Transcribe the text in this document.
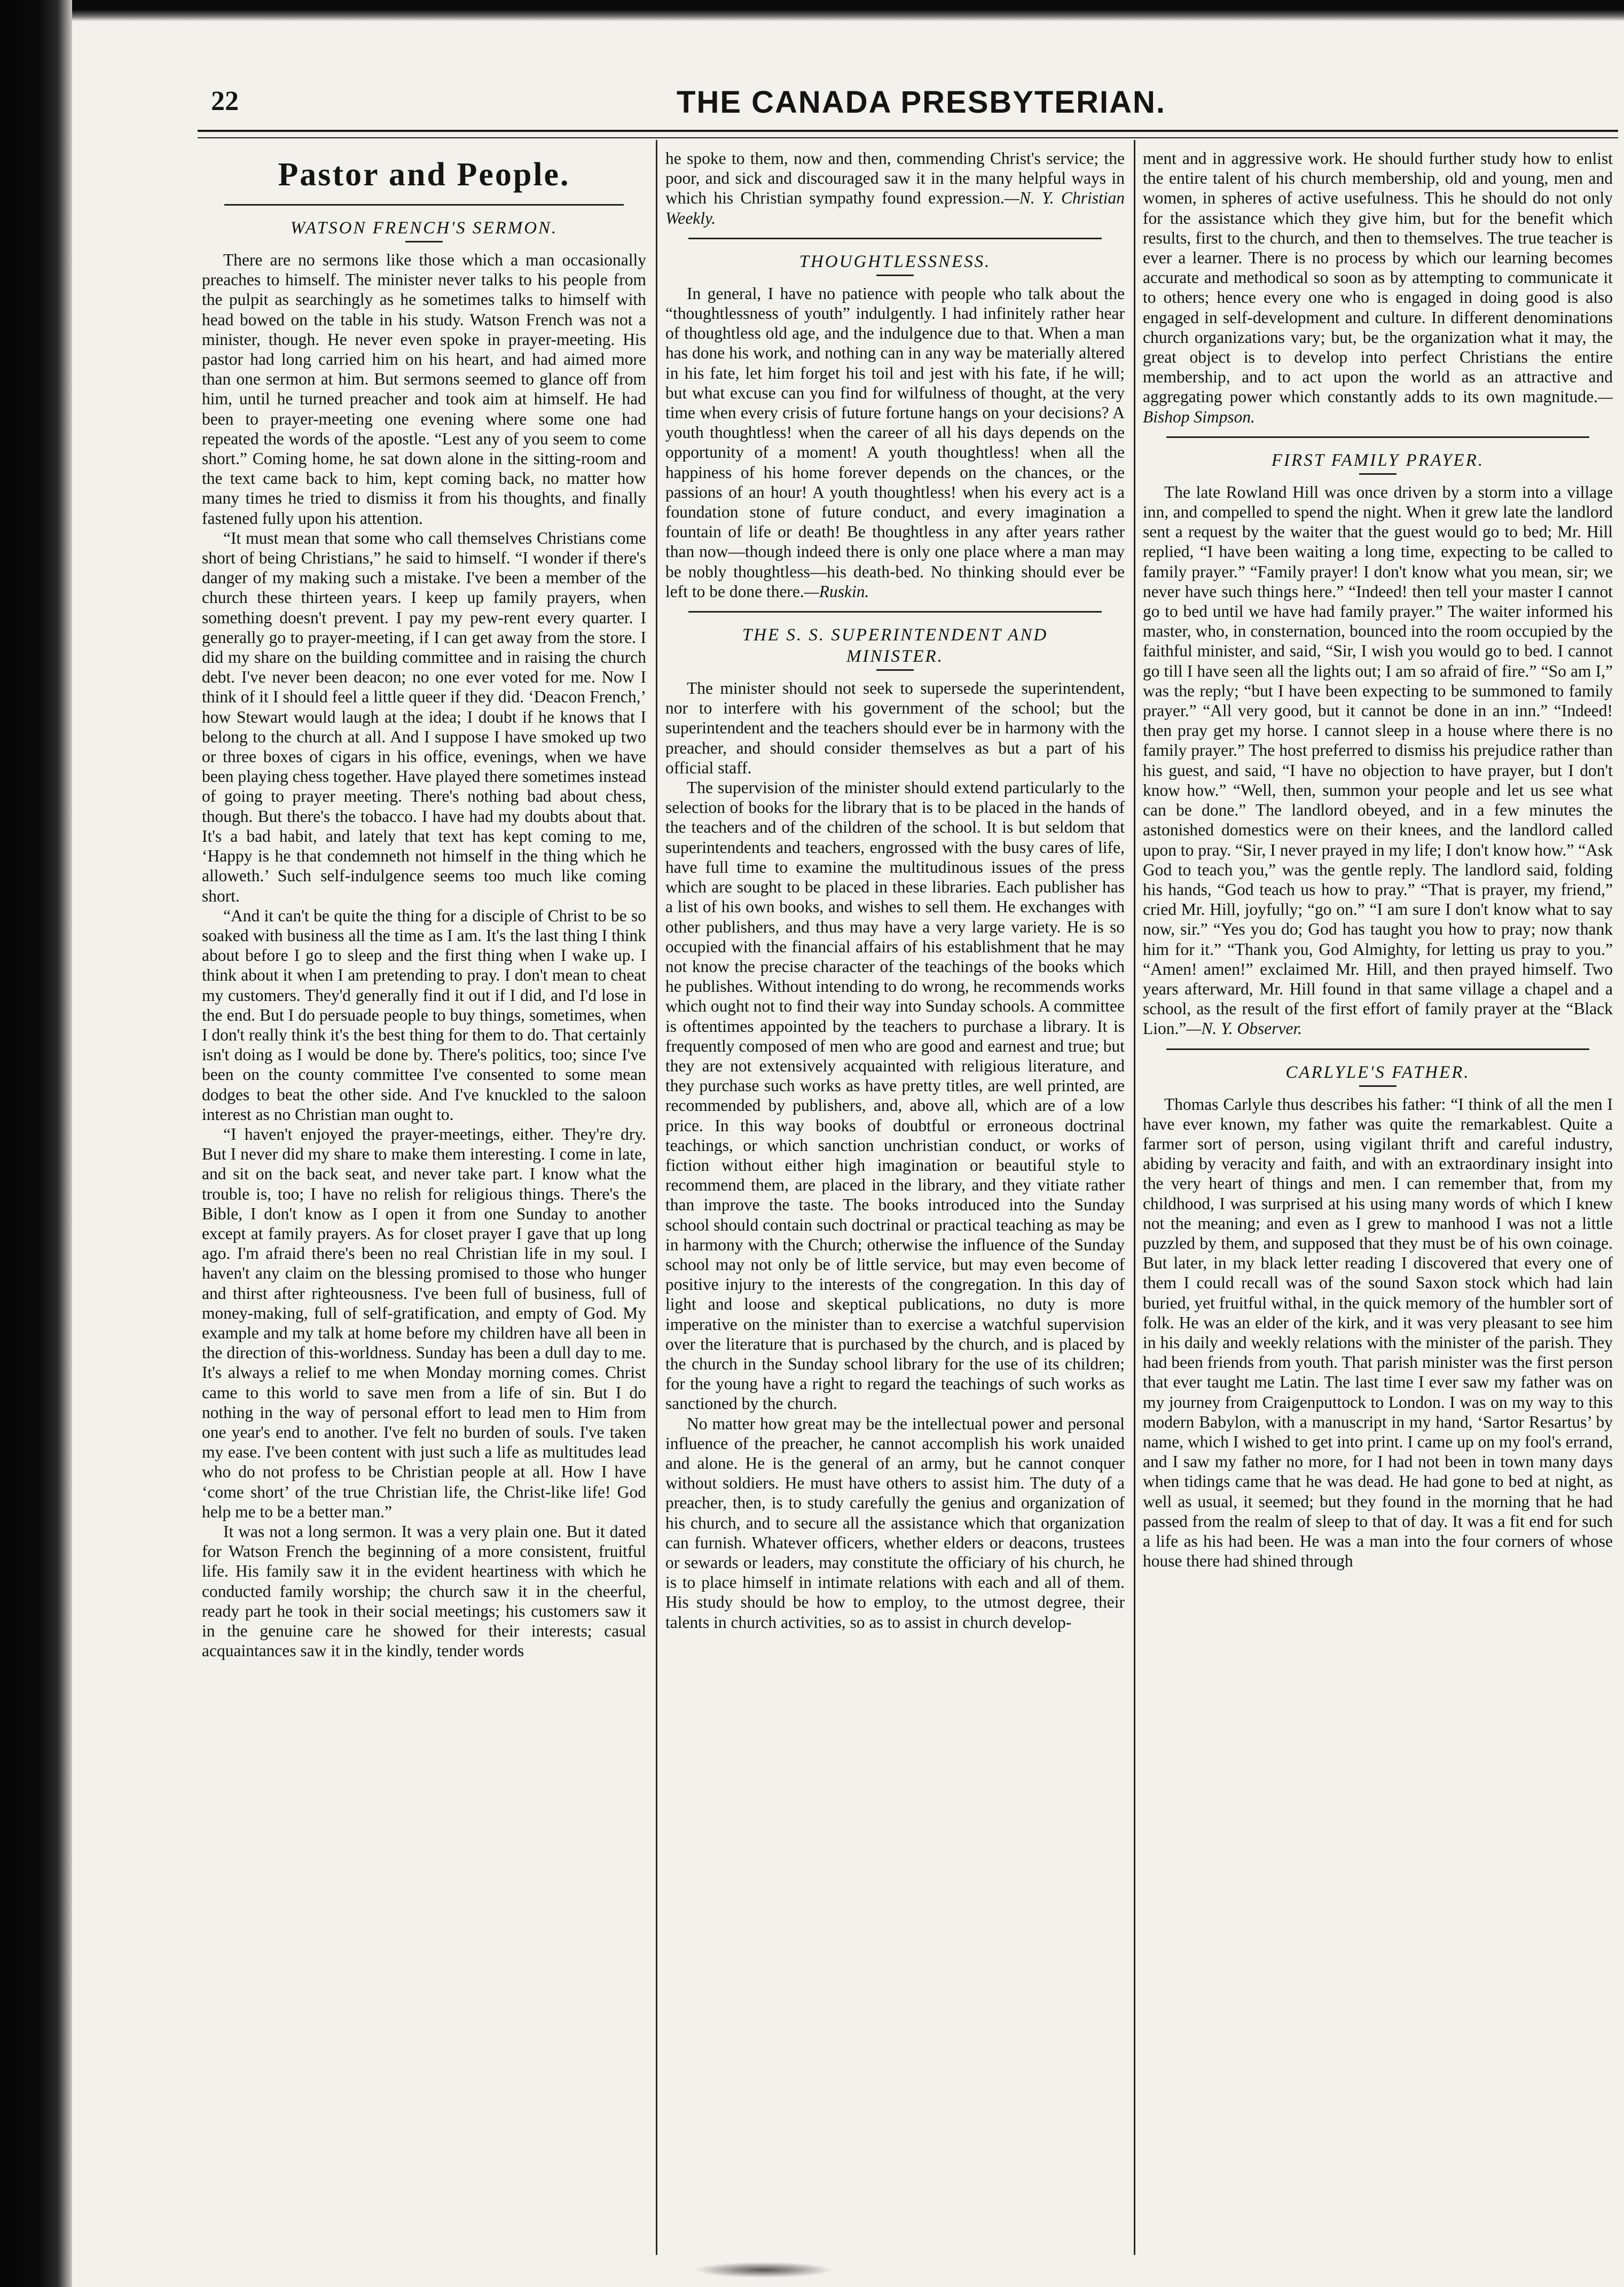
22	THE CANADA PRESBYTERIAN.
Pastor and People.
WATSON FRENCH'S SERMON.

There are no sermons like those which a man occasionally preaches to himself. The minister never talks to his people from the pulpit as searchingly as he sometimes talks to himself with head bowed on the table in his study. Watson French was not a minister, though. He never even spoke in prayer-meeting. His pastor had long carried him on his heart, and had aimed more than one sermon at him. But sermons seemed to glance off from him, until he turned preacher and took aim at himself. He had been to prayer-meeting one evening where some one had repeated the words of the apostle. “Lest any of you seem to come short.” Coming home, he sat down alone in the sitting-room and the text came back to him, kept coming back, no matter how many times he tried to dismiss it from his thoughts, and finally fastened fully upon his attention.

“It must mean that some who call themselves Christians come short of being Christians,” he said to himself. “I wonder if there's danger of my making such a mistake. I've been a member of the church these thirteen years. I keep up family prayers, when something doesn't prevent. I pay my pew-rent every quarter. I generally go to prayer-meeting, if I can get away from the store. I did my share on the building committee and in raising the church debt. I've never been deacon; no one ever voted for me. Now I think of it I should feel a little queer if they did. ‘Deacon French,’ how Stewart would laugh at the idea; I doubt if he knows that I belong to the church at all. And I suppose I have smoked up two or three boxes of cigars in his office, evenings, when we have been playing chess together. Have played there sometimes instead of going to prayer meeting. There's nothing bad about chess, though. But there's the tobacco. I have had my doubts about that. It's a bad habit, and lately that text has kept coming to me, ‘Happy is he that condemneth not himself in the thing which he alloweth.’ Such self-indulgence seems too much like coming short.

“And it can't be quite the thing for a disciple of Christ to be so soaked with business all the time as I am. It's the last thing I think about before I go to sleep and the first thing when I wake up. I think about it when I am pretending to pray. I don't mean to cheat my customers. They'd generally find it out if I did, and I'd lose in the end. But I do persuade people to buy things, sometimes, when I don't really think it's the best thing for them to do. That certainly isn't doing as I would be done by. There's politics, too; since I've been on the county committee I've consented to some mean dodges to beat the other side. And I've knuckled to the saloon interest as no Christian man ought to.

“I haven't enjoyed the prayer-meetings, either. They're dry. But I never did my share to make them interesting. I come in late, and sit on the back seat, and never take part. I know what the trouble is, too; I have no relish for religious things. There's the Bible, I don't know as I open it from one Sunday to another except at family prayers. As for closet prayer I gave that up long ago. I'm afraid there's been no real Christian life in my soul. I haven't any claim on the blessing promised to those who hunger and thirst after righteousness. I've been full of business, full of money-making, full of self-gratification, and empty of God. My example and my talk at home before my children have all been in the direction of this-worldness. Sunday has been a dull day to me. It's always a relief to me when Monday morning comes. Christ came to this world to save men from a life of sin. But I do nothing in the way of personal effort to lead men to Him from one year's end to another. I've felt no burden of souls. I've taken my ease. I've been content with just such a life as multitudes lead who do not profess to be Christian people at all. How I have ‘come short’ of the true Christian life, the Christ-like life! God help me to be a better man.”

It was not a long sermon. It was a very plain one. But it dated for Watson French the beginning of a more consistent, fruitful life. His family saw it in the evident heartiness with which he conducted family worship; the church saw it in the cheerful, ready part he took in their social meetings; his customers saw it in the genuine care he showed for their interests; casual acquaintances saw it in the kindly, tender words

he spoke to them, now and then, commending Christ's service; the poor, and sick and discouraged saw it in the many helpful ways in which his Christian sympathy found expression.—N. Y. Christian Weekly.

THOUGHTLESSNESS.

In general, I have no patience with people who talk about the “thoughtlessness of youth” indulgently. I had infinitely rather hear of thoughtless old age, and the indulgence due to that. When a man has done his work, and nothing can in any way be materially altered in his fate, let him forget his toil and jest with his fate, if he will; but what excuse can you find for wilfulness of thought, at the very time when every crisis of future fortune hangs on your decisions? A youth thoughtless! when the career of all his days depends on the opportunity of a moment! A youth thoughtless! when all the happiness of his home forever depends on the chances, or the passions of an hour! A youth thoughtless! when his every act is a foundation stone of future conduct, and every imagination a fountain of life or death! Be thoughtless in any after years rather than now—though indeed there is only one place where a man may be nobly thoughtless—his death-bed. No thinking should ever be left to be done there.—Ruskin.

THE S. S. SUPERINTENDENT AND
MINISTER.

The minister should not seek to supersede the superintendent, nor to interfere with his government of the school; but the superintendent and the teachers should ever be in harmony with the preacher, and should consider themselves as but a part of his official staff.

The supervision of the minister should extend particularly to the selection of books for the library that is to be placed in the hands of the teachers and of the children of the school. It is but seldom that superintendents and teachers, engrossed with the busy cares of life, have full time to examine the multitudinous issues of the press which are sought to be placed in these libraries. Each publisher has a list of his own books, and wishes to sell them. He exchanges with other publishers, and thus may have a very large variety. He is so occupied with the financial affairs of his establishment that he may not know the precise character of the teachings of the books which he publishes. Without intending to do wrong, he recommends works which ought not to find their way into Sunday schools. A committee is oftentimes appointed by the teachers to purchase a library. It is frequently composed of men who are good and earnest and true; but they are not extensively acquainted with religious literature, and they purchase such works as have pretty titles, are well printed, are recommended by publishers, and, above all, which are of a low price. In this way books of doubtful or erroneous doctrinal teachings, or which sanction unchristian conduct, or works of fiction without either high imagination or beautiful style to recommend them, are placed in the library, and they vitiate rather than improve the taste. The books introduced into the Sunday school should contain such doctrinal or practical teaching as may be in harmony with the Church; otherwise the influence of the Sunday school may not only be of little service, but may even become of positive injury to the interests of the congregation. In this day of light and loose and skeptical publications, no duty is more imperative on the minister than to exercise a watchful supervision over the literature that is purchased by the church, and is placed by the church in the Sunday school library for the use of its children; for the young have a right to regard the teachings of such works as sanctioned by the church.

No matter how great may be the intellectual power and personal influence of the preacher, he cannot accomplish his work unaided and alone. He is the general of an army, but he cannot conquer without soldiers. He must have others to assist him. The duty of a preacher, then, is to study carefully the genius and organization of his church, and to secure all the assistance which that organization can furnish. Whatever officers, whether elders or deacons, trustees or sewards or leaders, may constitute the officiary of his church, he is to place himself in intimate relations with each and all of them. His study should be how to employ, to the utmost degree, their talents in church activities, so as to assist in church develop-

ment and in aggressive work. He should further study how to enlist the entire talent of his church membership, old and young, men and women, in spheres of active usefulness. This he should do not only for the assistance which they give him, but for the benefit which results, first to the church, and then to themselves. The true teacher is ever a learner. There is no process by which our learning becomes accurate and methodical so soon as by attempting to communicate it to others; hence every one who is engaged in doing good is also engaged in self-development and culture. In different denominations church organizations vary; but, be the organization what it may, the great object is to develop into perfect Christians the entire membership, and to act upon the world as an attractive and aggregating power which constantly adds to its own magnitude.—Bishop Simpson.

FIRST FAMILY PRAYER.

The late Rowland Hill was once driven by a storm into a village inn, and compelled to spend the night. When it grew late the landlord sent a request by the waiter that the guest would go to bed; Mr. Hill replied, “I have been waiting a long time, expecting to be called to family prayer.” “Family prayer! I don't know what you mean, sir; we never have such things here.” “Indeed! then tell your master I cannot go to bed until we have had family prayer.” The waiter informed his master, who, in consternation, bounced into the room occupied by the faithful minister, and said, “Sir, I wish you would go to bed. I cannot go till I have seen all the lights out; I am so afraid of fire.” “So am I,” was the reply; “but I have been expecting to be summoned to family prayer.” “All very good, but it cannot be done in an inn.” “Indeed! then pray get my horse. I cannot sleep in a house where there is no family prayer.” The host preferred to dismiss his prejudice rather than his guest, and said, “I have no objection to have prayer, but I don't know how.” “Well, then, summon your people and let us see what can be done.” The landlord obeyed, and in a few minutes the astonished domestics were on their knees, and the landlord called upon to pray. “Sir, I never prayed in my life; I don't know how.” “Ask God to teach you,” was the gentle reply. The landlord said, folding his hands, “God teach us how to pray.” “That is prayer, my friend,” cried Mr. Hill, joyfully; “go on.” “I am sure I don't know what to say now, sir.” “Yes you do; God has taught you how to pray; now thank him for it.” “Thank you, God Almighty, for letting us pray to you.” “Amen! amen!” exclaimed Mr. Hill, and then prayed himself. Two years afterward, Mr. Hill found in that same village a chapel and a school, as the result of the first effort of family prayer at the “Black Lion.”—N. Y. Observer.

CARLYLE'S FATHER.

Thomas Carlyle thus describes his father: “I think of all the men I have ever known, my father was quite the remarkablest. Quite a farmer sort of person, using vigilant thrift and careful industry, abiding by veracity and faith, and with an extraordinary insight into the very heart of things and men. I can remember that, from my childhood, I was surprised at his using many words of which I knew not the meaning; and even as I grew to manhood I was not a little puzzled by them, and supposed that they must be of his own coinage. But later, in my black letter reading I discovered that every one of them I could recall was of the sound Saxon stock which had lain buried, yet fruitful withal, in the quick memory of the humbler sort of folk. He was an elder of the kirk, and it was very pleasant to see him in his daily and weekly relations with the minister of the parish. They had been friends from youth. That parish minister was the first person that ever taught me Latin. The last time I ever saw my father was on my journey from Craigenputtock to London. I was on my way to this modern Babylon, with a manuscript in my hand, ‘Sartor Resartus’ by name, which I wished to get into print. I came up on my fool's errand, and I saw my father no more, for I had not been in town many days when tidings came that he was dead. He had gone to bed at night, as well as usual, it seemed; but they found in the morning that he had passed from the realm of sleep to that of day. It was a fit end for such a life as his had been. He was a man into the four corners of whose house there had shined through
